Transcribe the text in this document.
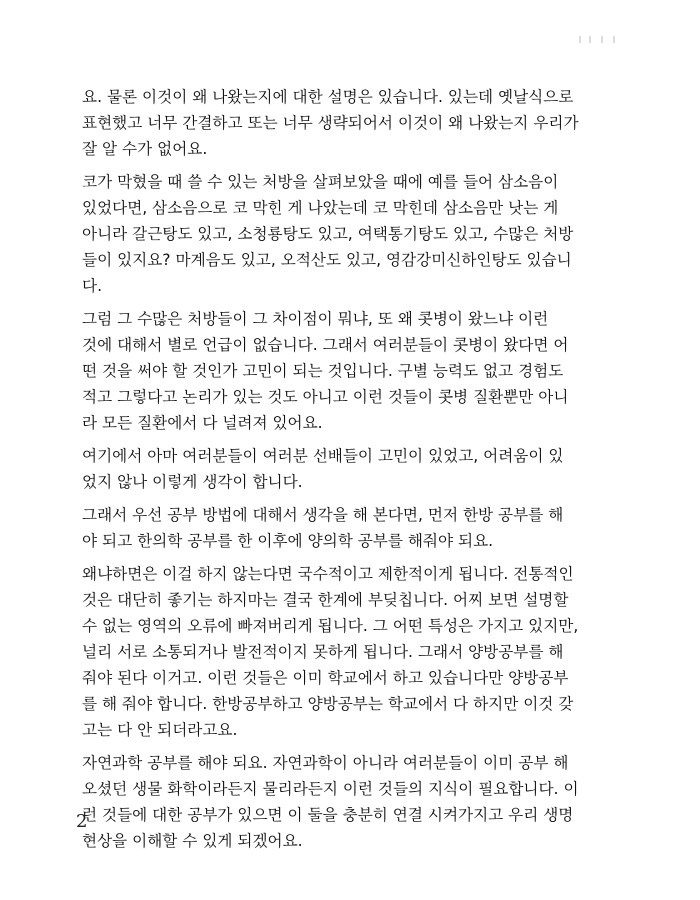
요. 물론 이것이 왜 나왔는지에 대한 설명은 있습니다. 있는데 옛날식으로
표현했고 너무 간결하고 또는 너무 생략되어서 이것이 왜 나왔는지 우리가
잘 알 수가 없어요.

코가 막혔을 때 쓸 수 있는 처방을 살펴보았을 때에 예를 들어 삼소음이
있었다면, 삼소음으로 코 막힌 게 나았는데 코 막힌데 삼소음만 낫는 게
아니라 갈근탕도 있고, 소청룡탕도 있고, 여택통기탕도 있고, 수많은 처방
들이 있지요? 마계음도 있고, 오적산도 있고, 영감강미신하인탕도 있습니
다.

그럼 그 수많은 처방들이 그 차이점이 뭐냐, 또 왜 콧병이 왔느냐 이런
것에 대해서 별로 언급이 없습니다. 그래서 여러분들이 콧병이 왔다면 어
떤 것을 써야 할 것인가 고민이 되는 것입니다. 구별 능력도 없고 경험도
적고 그렇다고 논리가 있는 것도 아니고 이런 것들이 콧병 질환뿐만 아니
라 모든 질환에서 다 널려져 있어요.

여기에서 아마 여러분들이 여러분 선배들이 고민이 있었고, 어려움이 있
었지 않나 이렇게 생각이 합니다.

그래서 우선 공부 방법에 대해서 생각을 해 본다면, 먼저 한방 공부를 해
야 되고 한의학 공부를 한 이후에 양의학 공부를 해줘야 되요.

왜냐하면은 이걸 하지 않는다면 국수적이고 제한적이게 됩니다. 전통적인
것은 대단히 좋기는 하지마는 결국 한계에 부딪칩니다. 어찌 보면 설명할
수 없는 영역의 오류에 빠져버리게 됩니다. 그 어떤 특성은 가지고 있지만,
널리 서로 소통되거나 발전적이지 못하게 됩니다. 그래서 양방공부를 해
줘야 된다 이거고. 이런 것들은 이미 학교에서 하고 있습니다만 양방공부
를 해 줘야 합니다. 한방공부하고 양방공부는 학교에서 다 하지만 이것 갖
고는 다 안 되더라고요.

자연과학 공부를 해야 되요. 자연과학이 아니라 여러분들이 이미 공부 해
오셨던 생물 화학이라든지 물리라든지 이런 것들의 지식이 필요합니다. 이
런 것들에 대한 공부가 있으면 이 둘을 충분히 연결 시켜가지고 우리 생명
현상을 이해할 수 있게 되겠어요.

2
